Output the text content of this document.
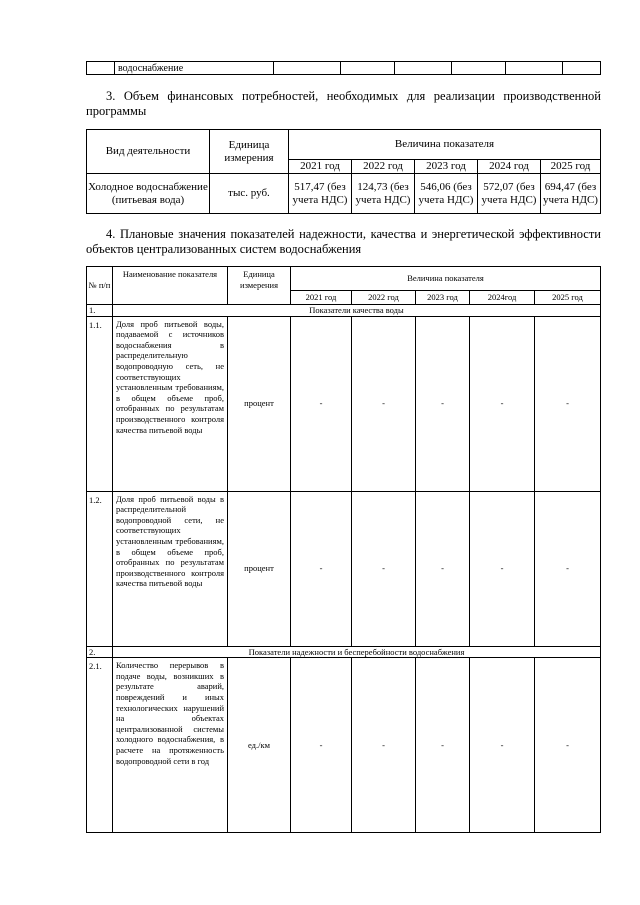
	водоснабжение						

3. Объем финансовых потребностей, необходимых для реализации производственной программы

Вид деятельности	Единица измерения	Величина показателя				
		2021 год	2022 год	2023 год	2024 год	2025 год
Холодное водоснабжение (питьевая вода)	тыс. руб.	517,47 (без учета НДС)	124,73 (без учета НДС)	546,06 (без учета НДС)	572,07 (без учета НДС)	694,47 (без учета НДС)

4. Плановые значения показателей надежности, качества и энергетической эффективности объектов централизованных систем водоснабжения

№ п/п	Наименование показателя	Единица измерения	Величина показателя				
			2021 год	2022 год	2023 год	2024год	2025 год
1.	Показатели качества воды						
1.1.	Доля проб питьевой воды, подаваемой с источников водоснабжения в распределительную водопроводную сеть, не соответствующих установленным требованиям, в общем объеме проб, отобранных по результатам производственного контроля качества питьевой воды	процент	-	-	-	-	-
1.2.	Доля проб питьевой воды в распределительной водопроводной сети, не соответствующих установленным требованиям, в общем объеме проб, отобранных по результатам производственного контроля качества питьевой воды	процент	-	-	-	-	-
2.	Показатели надежности и бесперебойности водоснабжения						
2.1.	Количество перерывов в подаче воды, возникших в результате аварий, повреждений и иных технологических нарушений на объектах централизованной системы холодного водоснабжения, в расчете на протяженность водопроводной сети в год	ед./км	-	-	-	-	-
